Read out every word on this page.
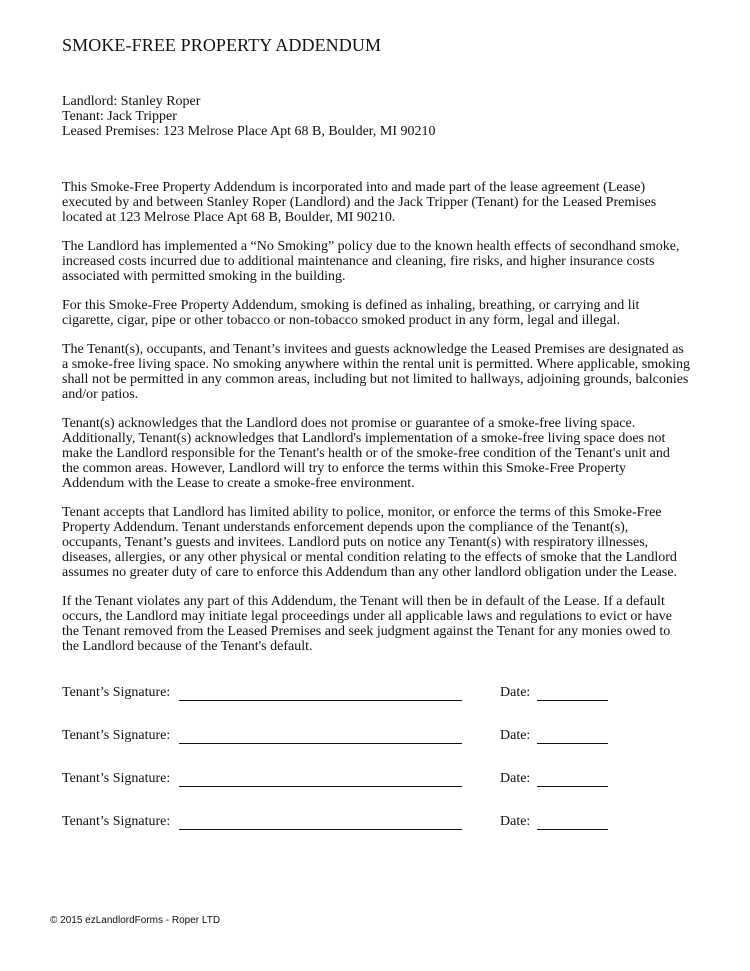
SMOKE-FREE PROPERTY ADDENDUM
Landlord: Stanley Roper
Tenant: Jack Tripper
Leased Premises: 123 Melrose Place Apt 68 B, Boulder, MI 90210

This Smoke-Free Property Addendum is incorporated into and made part of the lease agreement (Lease) executed by and between Stanley Roper (Landlord) and the Jack Tripper (Tenant) for the Leased Premises located at 123 Melrose Place Apt 68 B, Boulder, MI 90210.

The Landlord has implemented a “No Smoking” policy due to the known health effects of secondhand smoke, increased costs incurred due to additional maintenance and cleaning, fire risks, and higher insurance costs associated with permitted smoking in the building.

For this Smoke-Free Property Addendum, smoking is defined as inhaling, breathing, or carrying and lit cigarette, cigar, pipe or other tobacco or non-tobacco smoked product in any form, legal and illegal.

The Tenant(s), occupants, and Tenant’s invitees and guests acknowledge the Leased Premises are designated as a smoke-free living space. No smoking anywhere within the rental unit is permitted. Where applicable, smoking shall not be permitted in any common areas, including but not limited to hallways, adjoining grounds, balconies and/or patios.

Tenant(s) acknowledges that the Landlord does not promise or guarantee of a smoke-free living space. Additionally, Tenant(s) acknowledges that Landlord's implementation of a smoke-free living space does not make the Landlord responsible for the Tenant's health or of the smoke-free condition of the Tenant's unit and the common areas. However, Landlord will try to enforce the terms within this Smoke-Free Property Addendum with the Lease to create a smoke-free environment.

Tenant accepts that Landlord has limited ability to police, monitor, or enforce the terms of this Smoke-Free Property Addendum. Tenant understands enforcement depends upon the compliance of the Tenant(s), occupants, Tenant’s guests and invitees. Landlord puts on notice any Tenant(s) with respiratory illnesses, diseases, allergies, or any other physical or mental condition relating to the effects of smoke that the Landlord assumes no greater duty of care to enforce this Addendum than any other landlord obligation under the Lease.

If the Tenant violates any part of this Addendum, the Tenant will then be in default of the Lease. If a default occurs, the Landlord may initiate legal proceedings under all applicable laws and regulations to evict or have the Tenant removed from the Leased Premises and seek judgment against the Tenant for any monies owed to the Landlord because of the Tenant's default.

Tenant’s Signature:	Date:
Tenant’s Signature:	Date:
Tenant’s Signature:	Date:
Tenant’s Signature:	Date:
© 2015 ezLandlordForms - Roper LTD
